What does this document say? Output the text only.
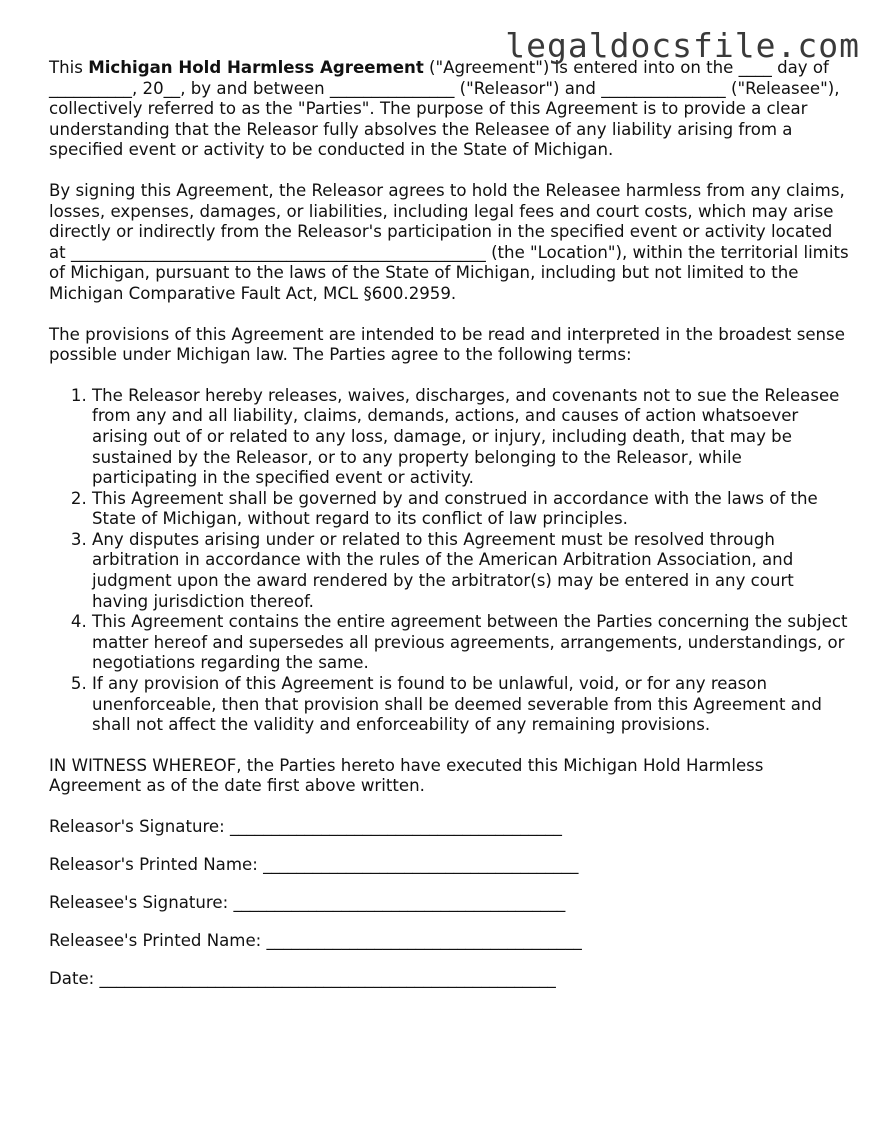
legaldocsfile.com

This Michigan Hold Harmless Agreement ("Agreement") is entered into on the ____ day of __________, 20__, by and between _______________ ("Releasor") and _______________ ("Releasee"), collectively referred to as the "Parties". The purpose of this Agreement is to provide a clear understanding that the Releasor fully absolves the Releasee of any liability arising from a specified event or activity to be conducted in the State of Michigan.

By signing this Agreement, the Releasor agrees to hold the Releasee harmless from any claims, losses, expenses, damages, or liabilities, including legal fees and court costs, which may arise directly or indirectly from the Releasor's participation in the specified event or activity located at __________________________________________________ (the "Location"), within the territorial limits of Michigan, pursuant to the laws of the State of Michigan, including but not limited to the Michigan Comparative Fault Act, MCL §600.2959.

The provisions of this Agreement are intended to be read and interpreted in the broadest sense possible under Michigan law. The Parties agree to the following terms:

1. The Releasor hereby releases, waives, discharges, and covenants not to sue the Releasee from any and all liability, claims, demands, actions, and causes of action whatsoever arising out of or related to any loss, damage, or injury, including death, that may be sustained by the Releasor, or to any property belonging to the Releasor, while participating in the specified event or activity.
2. This Agreement shall be governed by and construed in accordance with the laws of the State of Michigan, without regard to its conflict of law principles.
3. Any disputes arising under or related to this Agreement must be resolved through arbitration in accordance with the rules of the American Arbitration Association, and judgment upon the award rendered by the arbitrator(s) may be entered in any court having jurisdiction thereof.
4. This Agreement contains the entire agreement between the Parties concerning the subject matter hereof and supersedes all previous agreements, arrangements, understandings, or negotiations regarding the same.
5. If any provision of this Agreement is found to be unlawful, void, or for any reason unenforceable, then that provision shall be deemed severable from this Agreement and shall not affect the validity and enforceability of any remaining provisions.

IN WITNESS WHEREOF, the Parties hereto have executed this Michigan Hold Harmless Agreement as of the date first above written.

Releasor's Signature: ________________________________________
Releasor's Printed Name: ______________________________________
Releasee's Signature: ________________________________________
Releasee's Printed Name: ______________________________________
Date: _______________________________________________________
